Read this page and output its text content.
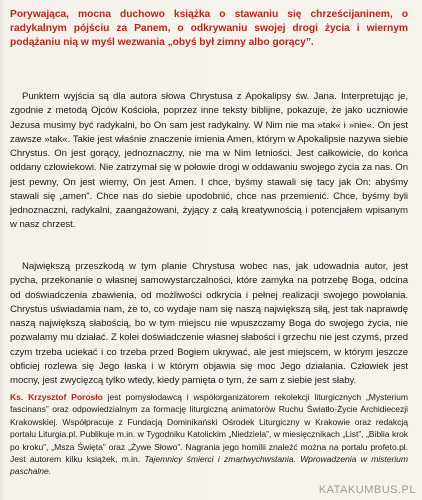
Porywająca, mocna duchowo książka o stawaniu się chrześcijaninem, o radykalnym pójściu za Panem, o odkrywaniu swojej drogi życia i wiernym podążaniu nią w myśl wezwania „obyś był zimny albo gorący”.

Punktem wyjścia są dla autora słowa Chrystusa z Apokalipsy św. Jana. Interpretując je, zgodnie z metodą Ojców Kościoła, poprzez inne teksty biblijne, pokazuje, że jako uczniowie Jezusa musimy być radykalni, bo On sam jest radykalny. W Nim nie ma »tak« i »nie«. On jest zawsze »tak«. Takie jest właśnie znaczenie imienia Amen, którym w Apokalipsie nazywa siebie Chrystus. On jest gorący, jednoznaczny, nie ma w Nim letniości. Jest całkowicie, do końca oddany człowiekowi. Nie zatrzymał się w połowie drogi w oddawaniu swojego życia za nas. On jest pewny, On jest wierny, On jest Amen. I chce, byśmy stawali się tacy jak On: abyśmy stawali się „amen”. Chce nas do siebie upodobnić, chce nas przemienić. Chce, byśmy byli jednoznaczni, radykalni, zaangażowani, żyjący z całą kreatywnością i potencjałem wpisanym w nasz chrzest.

Największą przeszkodą w tym planie Chrystusa wobec nas, jak udowadnia autor, jest pycha, przekonanie o własnej samowystarczalności, które zamyka na potrzebę Boga, odcina od doświadczenia zbawienia, od możliwości odkrycia i pełnej realizacji swojego powołania. Chrystus uświadamia nam, że to, co wydaje nam się naszą największą siłą, jest tak naprawdę naszą największą słabością, bo w tym miejscu nie wpuszczamy Boga do swojego życia, nie pozwalamy mu działać. Z kolei doświadczenie własnej słabości i grzechu nie jest czymś, przed czym trzeba uciekać i co trzeba przed Bogiem ukrywać, ale jest miejscem, w którym jeszcze obficiej rozlewa się Jego łaska i w którym objawia się moc Jego działania. Człowiek jest mocny, jest zwycięzcą tylko wtedy, kiedy pamięta o tym, że sam z siebie jest słaby.

Ks. Krzysztof Porosło jest pomysłodawcą i współorganizatorem rekolekcji liturgicznych „Mysterium fascinans” oraz odpowiedzialnym za formację liturgiczną animatorów Ruchu Światło-Życie Archidiecezji Krakowskiej. Współpracuje z Fundacją Dominikański Ośrodek Liturgiczny w Krakowie oraz redakcją portalu Liturgia.pl. Publikuje m.in. w Tygodniku Katolickim „Niedziela”, w miesięcznikach „List”, „Biblia krok po kroku”, „Msza Święta” oraz „Żywe Słowo”. Nagrania jego homilii znaleźć można na portalu profeto.pl. Jest autorem kilku książek, m.in. Tajemnicy śmierci i zmartwychwstania. Wprowadzenia w misterium paschalne.

KATAKUMBUS.PL
